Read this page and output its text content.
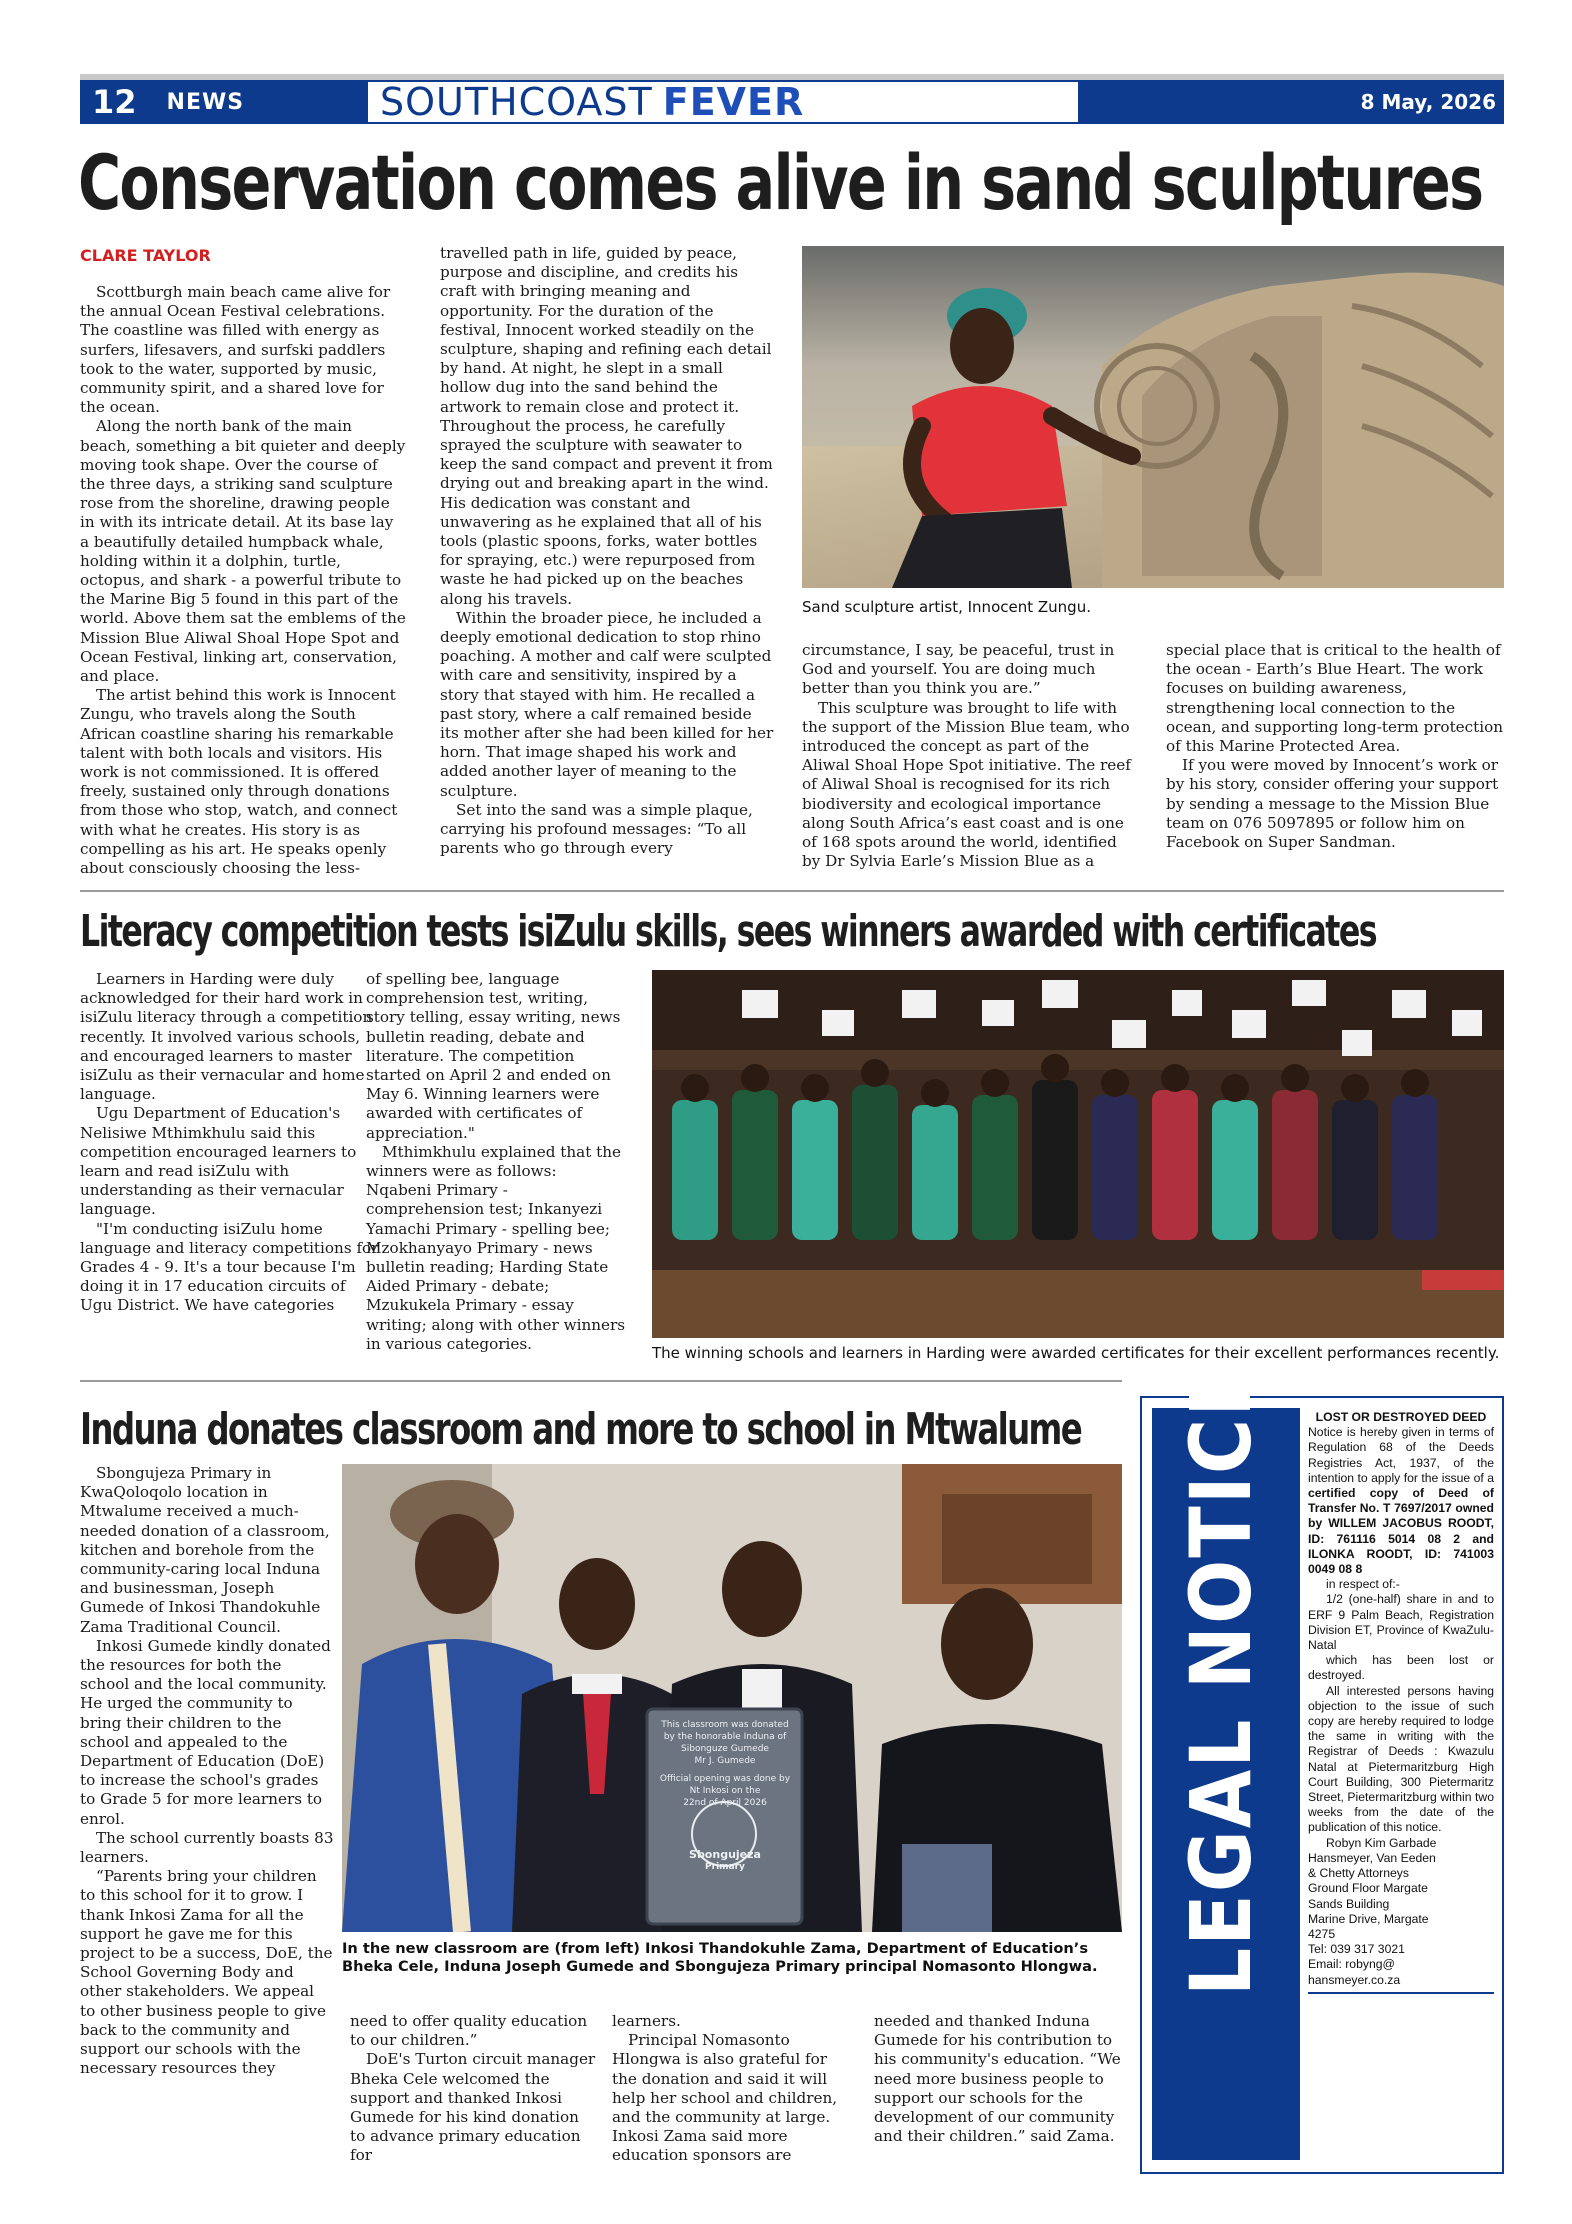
12 NEWS	SOUTHCOAST FEVER	8 May, 2026
Conservation comes alive in sand sculptures
CLARE TAYLOR

Scottburgh main beach came alive for the annual Ocean Festival celebrations. The coastline was filled with energy as surfers, lifesavers, and surfski paddlers took to the water, supported by music, community spirit, and a shared love for the ocean.

Along the north bank of the main beach, something a bit quieter and deeply moving took shape. Over the course of the three days, a striking sand sculpture rose from the shoreline, drawing people in with its intricate detail. At its base lay a beautifully detailed humpback whale, holding within it a dolphin, turtle, octopus, and shark - a powerful tribute to the Marine Big 5 found in this part of the world. Above them sat the emblems of the Mission Blue Aliwal Shoal Hope Spot and Ocean Festival, linking art, conservation, and place.

The artist behind this work is Innocent Zungu, who travels along the South African coastline sharing his remarkable talent with both locals and visitors. His work is not commissioned. It is offered freely, sustained only through donations from those who stop, watch, and connect with what he creates. His story is as compelling as his art. He speaks openly about consciously choosing the less-

travelled path in life, guided by peace, purpose and discipline, and credits his craft with bringing meaning and opportunity. For the duration of the festival, Innocent worked steadily on the sculpture, shaping and refining each detail by hand. At night, he slept in a small hollow dug into the sand behind the artwork to remain close and protect it. Throughout the process, he carefully sprayed the sculpture with seawater to keep the sand compact and prevent it from drying out and breaking apart in the wind. His dedication was constant and unwavering as he explained that all of his tools (plastic spoons, forks, water bottles for spraying, etc.) were repurposed from waste he had picked up on the beaches along his travels.

Within the broader piece, he included a deeply emotional dedication to stop rhino poaching. A mother and calf were sculpted with care and sensitivity, inspired by a story that stayed with him. He recalled a past story, where a calf remained beside its mother after she had been killed for her horn. That image shaped his work and added another layer of meaning to the sculpture.

Set into the sand was a simple plaque, carrying his profound messages: “To all parents who go through every

Sand sculpture artist, Innocent Zungu.

circumstance, I say, be peaceful, trust in God and yourself. You are doing much better than you think you are.”

This sculpture was brought to life with the support of the Mission Blue team, who introduced the concept as part of the Aliwal Shoal Hope Spot initiative. The reef of Aliwal Shoal is recognised for its rich biodiversity and ecological importance along South Africa’s east coast and is one of 168 spots around the world, identified by Dr Sylvia Earle’s Mission Blue as a

special place that is critical to the health of the ocean - Earth’s Blue Heart. The work focuses on building awareness, strengthening local connection to the ocean, and supporting long-term protection of this Marine Protected Area.

If you were moved by Innocent’s work or by his story, consider offering your support by sending a message to the Mission Blue team on 076 5097895 or follow him on Facebook on Super Sandman.

Literacy competition tests isiZulu skills, sees winners awarded with certificates

Learners in Harding were duly acknowledged for their hard work in isiZulu literacy through a competition recently. It involved various schools, and encouraged learners to master isiZulu as their vernacular and home language.

Ugu Department of Education's Nelisiwe Mthimkhulu said this competition encouraged learners to learn and read isiZulu with understanding as their vernacular language.

"I'm conducting isiZulu home language and literacy competitions for Grades 4 - 9. It's a tour because I'm doing it in 17 education circuits of Ugu District. We have categories

of spelling bee, language comprehension test, writing, story telling, essay writing, news bulletin reading, debate and literature. The competition started on April 2 and ended on May 6. Winning learners were awarded with certificates of appreciation."

Mthimkhulu explained that the winners were as follows: Nqabeni Primary - comprehension test; Inkanyezi Yamachi Primary - spelling bee; Mzokhanyayo Primary - news bulletin reading; Harding State Aided Primary - debate; Mzukukela Primary - essay writing; along with other winners in various categories.

The winning schools and learners in Harding were awarded certificates for their excellent performances recently.
Induna donates classroom and more to school in Mtwalume

Sbongujeza Primary in KwaQoloqolo location in Mtwalume received a much-needed donation of a classroom, kitchen and borehole from the community-caring local Induna and businessman, Joseph Gumede of Inkosi Thandokuhle Zama Traditional Council.

Inkosi Gumede kindly donated the resources for both the school and the local community. He urged the community to bring their children to the school and appealed to the Department of Education (DoE) to increase the school's grades to Grade 5 for more learners to enrol.

The school currently boasts 83 learners.

“Parents bring your children to this school for it to grow. I thank Inkosi Zama for all the support he gave me for this project to be a success, DoE, the School Governing Body and other stakeholders. We appeal to other business people to give back to the community and support our schools with the necessary resources they

This classroom was donated
by the honorable Induna of
Sibonguze Gumede
Mr J. Gumede
Official opening was done by
Nt Inkosi on the
22nd of April 2026
Sbongujeza
Primary
In the new classroom are (from left) Inkosi Thandokuhle Zama, Department of Education’s Bheka Cele, Induna Joseph Gumede and Sbongujeza Primary principal Nomasonto Hlongwa.

need to offer quality education to our children.”

DoE's Turton circuit manager Bheka Cele welcomed the support and thanked Inkosi Gumede for his kind donation to advance primary education for

learners.

Principal Nomasonto Hlongwa is also grateful for the donation and said it will help her school and children, and the community at large. Inkosi Zama said more education sponsors are

needed and thanked Induna Gumede for his contribution to his community's education. “We need more business people to support our schools for the development of our community and their children.” said Zama.

LOST OR DESTROYED DEED

Notice is hereby given in terms of Regulation 68 of the Deeds Registries Act, 1937, of the intention to apply for the issue of a certified copy of Deed of Transfer No. T 7697/2017 owned by WILLEM JACOBUS ROODT, ID: 761116 5014 08 2 and ILONKA ROODT, ID: 741003 0049 08 8

in respect of:-

1/2 (one-half) share in and to ERF 9 Palm Beach, Registration Division ET, Province of KwaZulu-Natal

which has been lost or destroyed.

All interested persons having objection to the issue of such copy are hereby required to lodge the same in writing with the Registrar of Deeds : Kwazulu Natal at Pietermaritzburg High Court Building, 300 Pietermaritz Street, Pietermaritzburg within two weeks from the date of the publication of this notice.

Robyn Kim Garbade

Hansmeyer, Van Eeden
& Chetty Attorneys
Ground Floor Margate
Sands Building
Marine Drive, Margate
4275
Tel: 039 317 3021
Email: robyng@
hansmeyer.co.za
